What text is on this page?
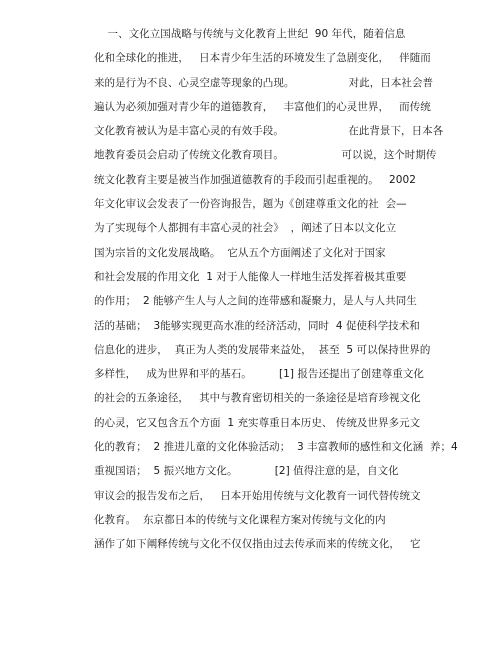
一、文化立国战略与传统与文化教育上世纪  90 年代，随着信息
化和全球化的推进，   日本青少年生活的环境发生了急剧变化，   伴随而
来的是行为不良、心灵空虚等现象的凸现。                对此，日本社会普
遍认为必须加强对青少年的道德教育，   丰富他们的心灵世界，   而传统
文化教育被认为是丰富心灵的有效手段。                   在此背景下，日本各
地教育委员会启动了传统文化教育项目。                 可以说，这个时期传
统文化教育主要是被当作加强道德教育的手段而引起重视的。   2002
年文化审议会发表了一份咨询报告，题为《创建尊重文化的社  会—
为了实现每个人都拥有丰富心灵的社会》  ，阐述了日本以文化立
国为宗旨的文化发展战略。  它从五个方面阐述了文化对于国家
和社会发展的作用文化  1 对于人能像人一样地生活发挥着极其重要
的作用；  2 能够产生人与人之间的连带感和凝聚力，是人与人共同生
活的基础；  3能够实现更高水准的经济活动，同时  4 促使科学技术和
信息化的进步，  真正为人类的发展带来益处，  甚至  5 可以保持世界的
多样性，   成为世界和平的基石。        [1] 报告还提出了创建尊重文化
的社会的五条途径，   其中与教育密切相关的一条途径是培育珍视文化
的心灵，它又包含五个方面  1 充实尊重日本历史、 传统及世界多元文
化的教育；  2 推进儿童的文化体验活动；  3 丰富教师的感性和文化涵  养；4
重视国语；  5 振兴地方文化。           [2] 值得注意的是，自文化
审议会的报告发布之后，   日本开始用传统与文化教育一词代替传统文
化教育。  东京都日本的传统与文化课程方案对传统与文化的内
涵作了如下阐释传统与文化不仅仅指由过去传承而来的传统文化，   它
